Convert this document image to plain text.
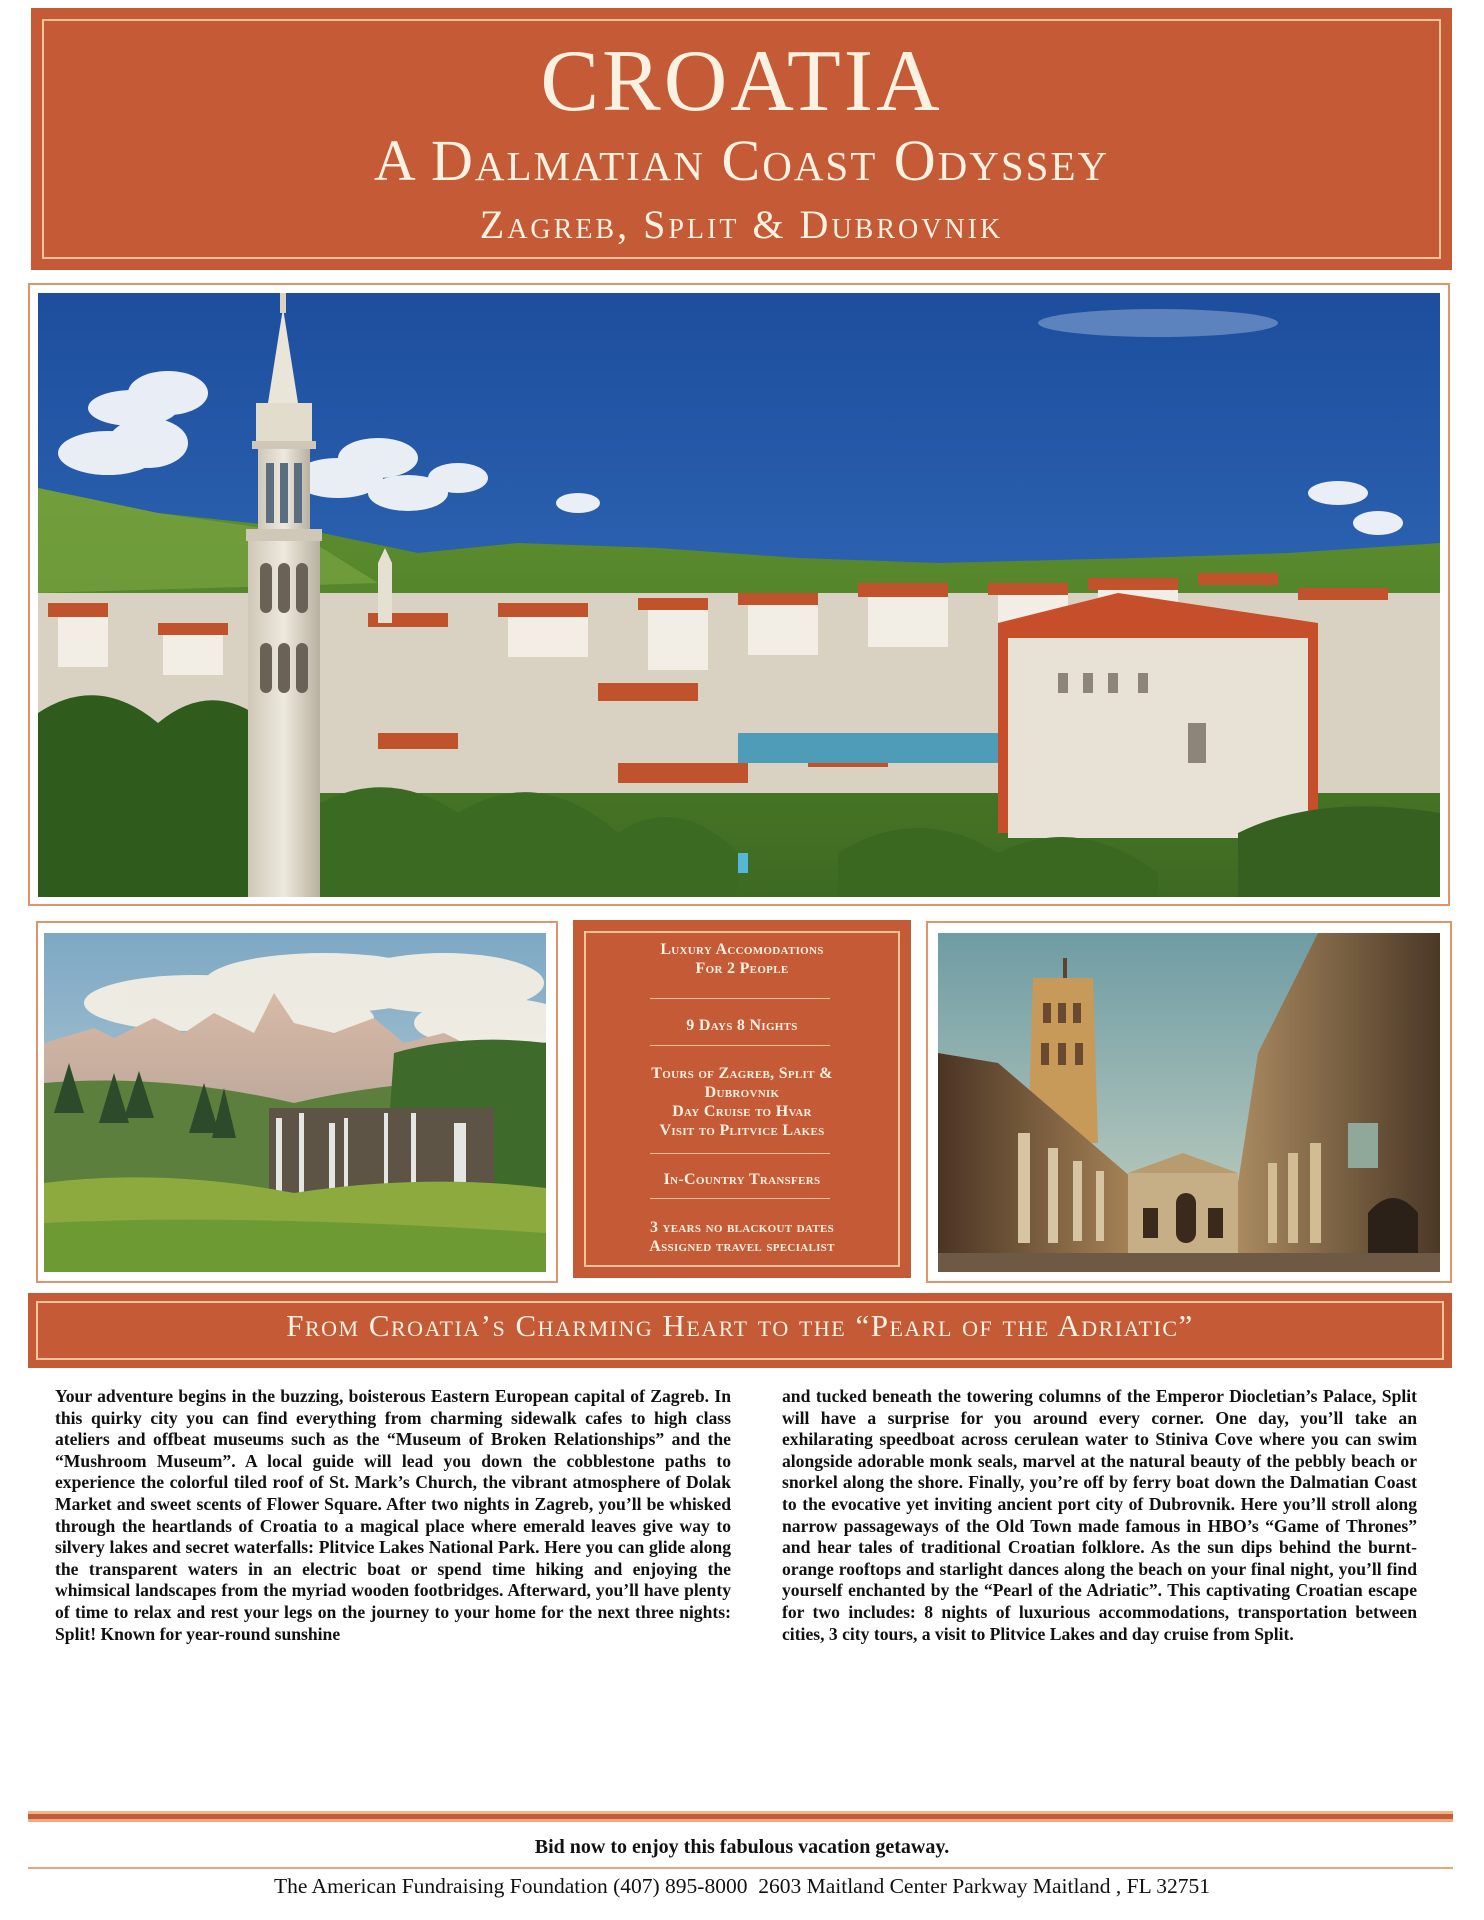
CROATIA
A Dalmatian Coast Odyssey
Zagreb, Split & Dubrovnik
Luxury Accomodations
For 2 People
9 Days 8 Nights
Tours of Zagreb, Split &
Dubrovnik
Day Cruise to Hvar
Visit to Plitvice Lakes
In-Country Transfers
3 years no blackout dates
Assigned travel specialist
From Croatia’s Charming Heart to the “Pearl of the Adriatic”
Your adventure begins in the buzzing, boisterous Eastern European capital of Zagreb. In this quirky city you can find everything from charming sidewalk cafes to high class ateliers and offbeat museums such as the “Museum of Broken Relationships” and the “Mushroom Museum”. A local guide will lead you down the cobblestone paths to experience the colorful tiled roof of St. Mark’s Church, the vibrant atmosphere of Dolak Market and sweet scents of Flower Square. After two nights in Zagreb, you’ll be whisked through the heartlands of Croatia to a magical place where emerald leaves give way to silvery lakes and secret waterfalls: Plitvice Lakes National Park. Here you can glide along the transparent waters in an electric boat or spend time hiking and enjoying the whimsical landscapes from the myriad wooden footbridges. Afterward, you’ll have plenty of time to relax and rest your legs on the journey to your home for the next three nights: Split! Known for year-round sunshine
and tucked beneath the towering columns of the Emperor Diocletian’s Palace, Split will have a surprise for you around every corner. One day, you’ll take an exhilarating speedboat across cerulean water to Stiniva Cove where you can swim alongside adorable monk seals, marvel at the natural beauty of the pebbly beach or snorkel along the shore. Finally, you’re off by ferry boat down the Dalmatian Coast to the evocative yet inviting ancient port city of Dubrovnik. Here you’ll stroll along narrow passageways of the Old Town made famous in HBO’s “Game of Thrones” and hear tales of traditional Croatian folklore. As the sun dips behind the burnt-orange rooftops and starlight dances along the beach on your final night, you’ll find yourself enchanted by the “Pearl of the Adriatic”. This captivating Croatian escape for two includes: 8 nights of luxurious accommodations, transportation between cities, 3 city tours, a visit to Plitvice Lakes and day cruise from Split.
Bid now to enjoy this fabulous vacation getaway.
The American Fundraising Foundation (407) 895-8000  2603 Maitland Center Parkway Maitland , FL 32751
